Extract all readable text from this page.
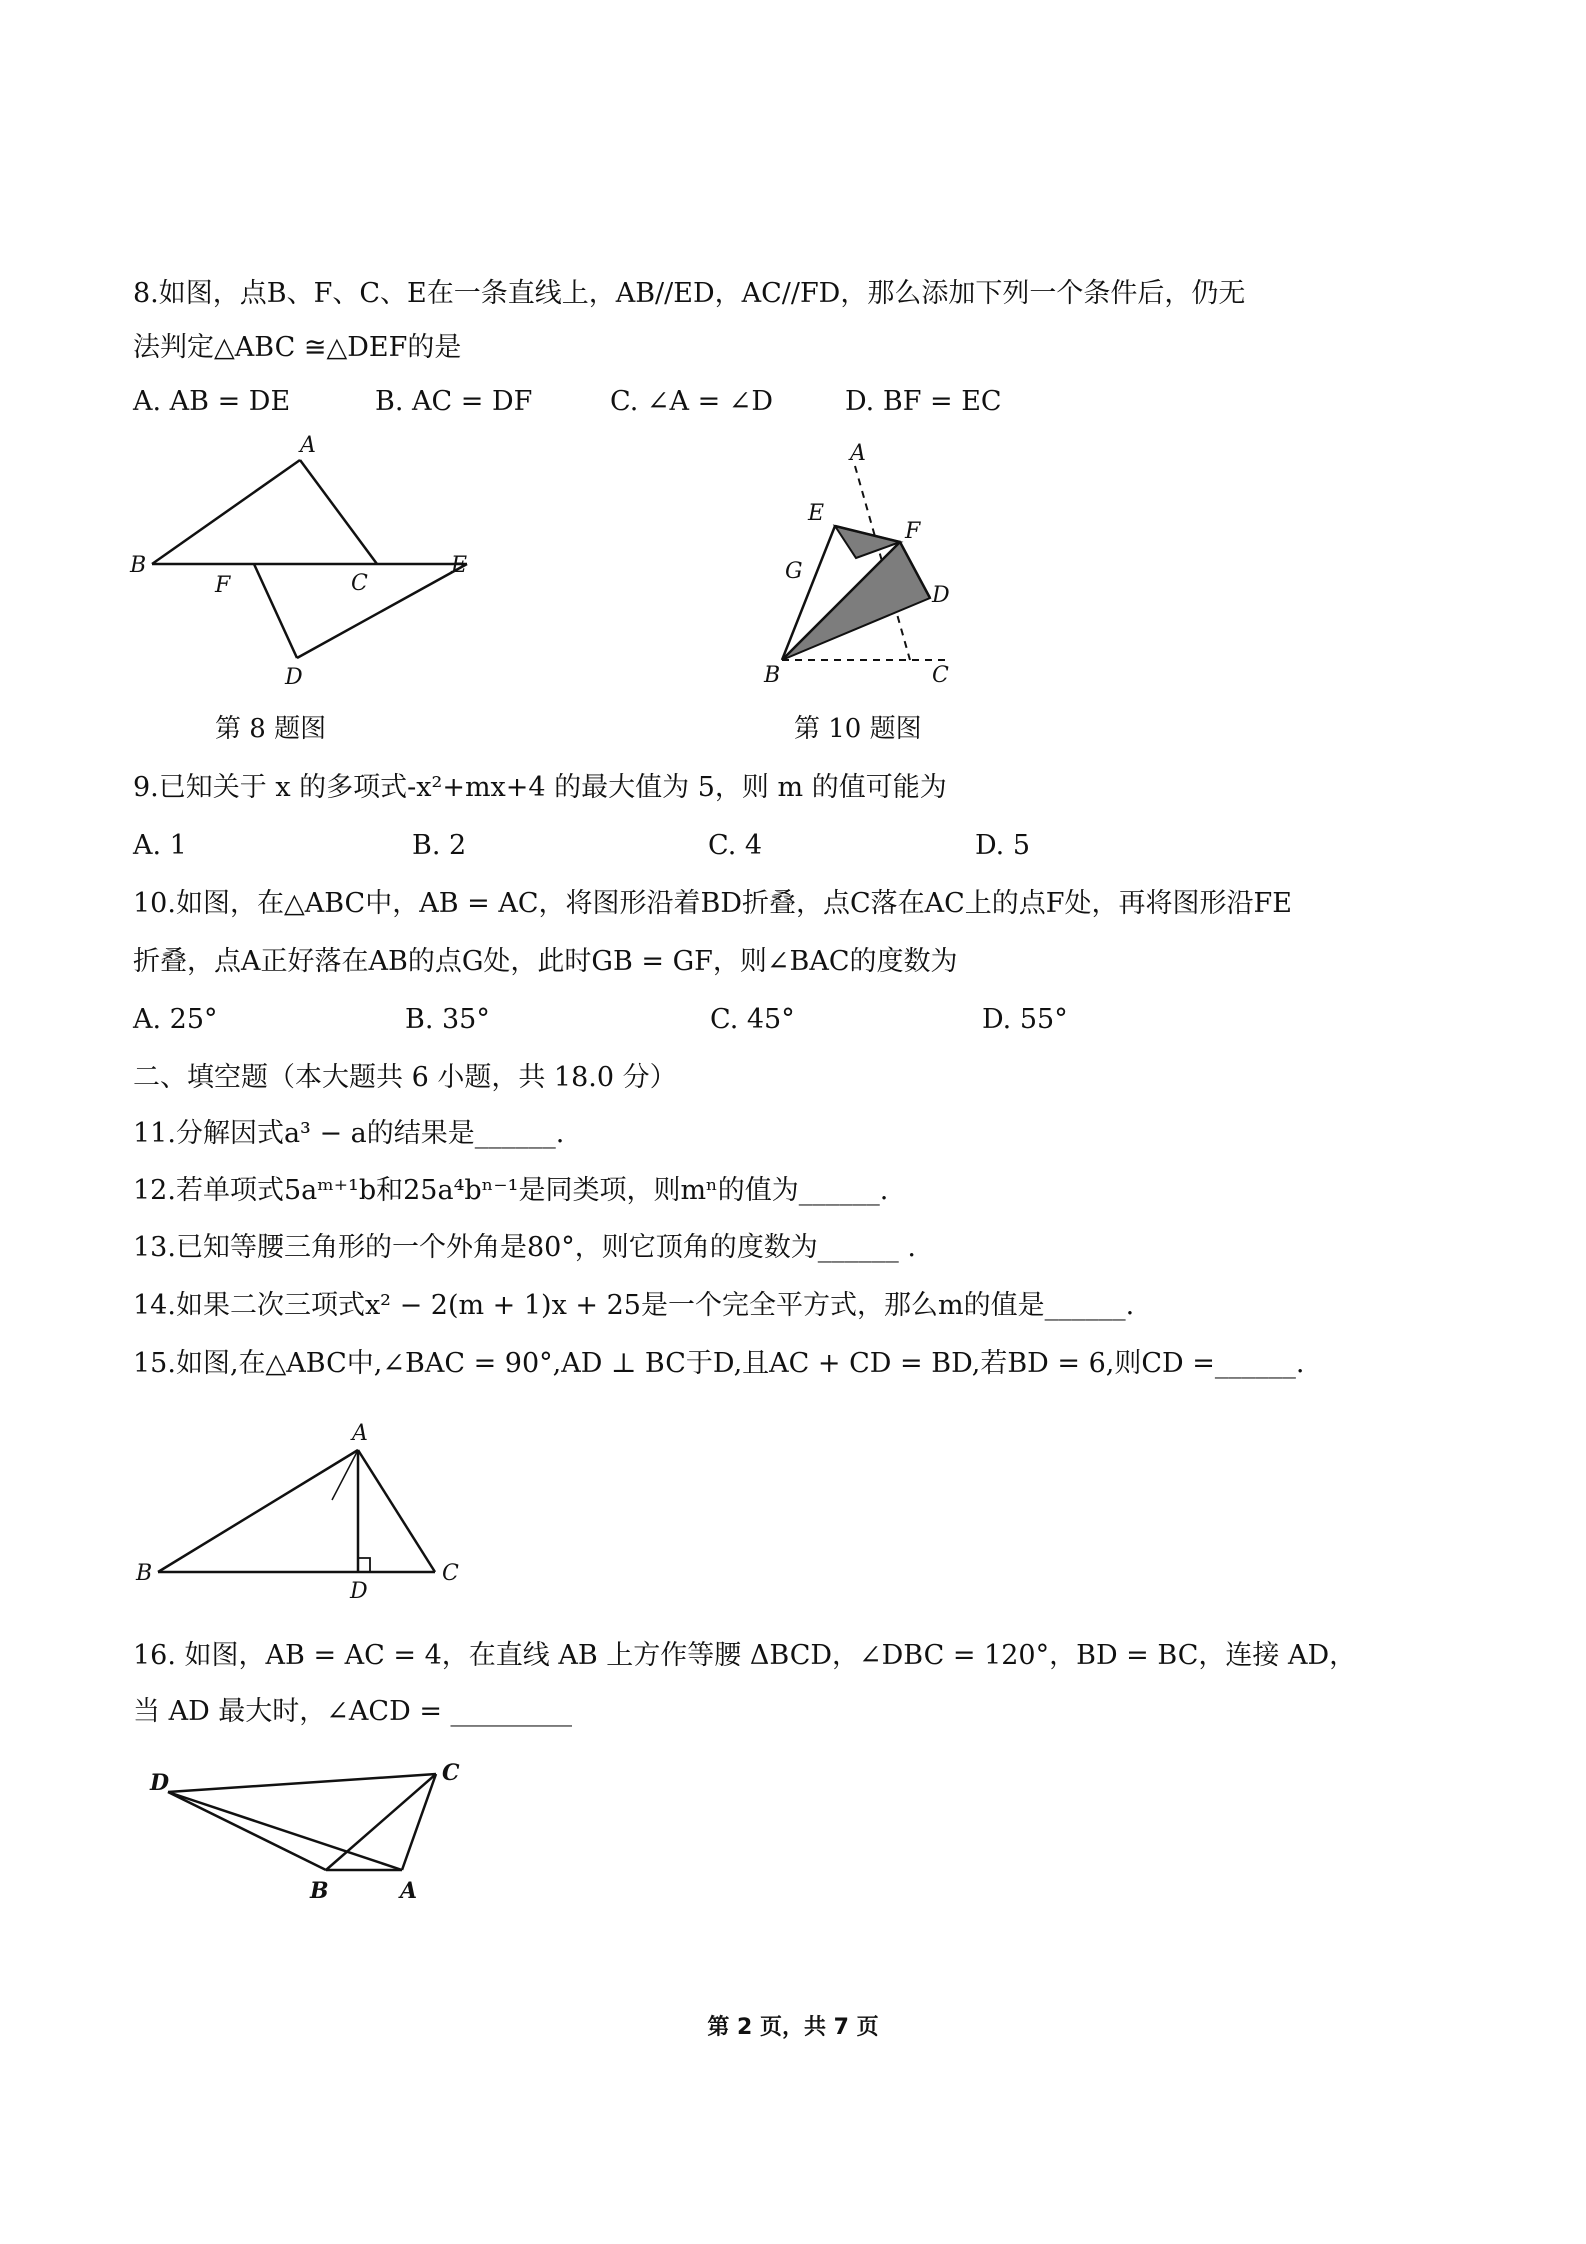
8.如图，点B、F、C、E在一条直线上，AB//ED，AC//FD，那么添加下列一个条件后，仍无
法判定△ABC ≅△DEF的是
A. AB = DE	B. AC = DF	C. ∠A = ∠D	D. BF = EC
A
B
F	C
E
D
A
E
F
G
D
B	C
第 8 题图	第 10 题图
9.已知关于 x 的多项式-x²+mx+4 的最大值为 5，则 m 的值可能为
A. 1	B. 2	C. 4	D. 5
10.如图，在△ABC中，AB = AC，将图形沿着BD折叠，点C落在AC上的点F处，再将图形沿FE
折叠，点A正好落在AB的点G处，此时GB = GF，则∠BAC的度数为
A. 25°	B. 35°	C. 45°	D. 55°
二、填空题（本大题共 6 小题，共 18.0 分）
11.分解因式a³ − a的结果是______.
12.若单项式5aᵐ⁺¹b和25a⁴bⁿ⁻¹是同类项，则mⁿ的值为______.
13.已知等腰三角形的一个外角是80°，则它顶角的度数为______ .
14.如果二次三项式x² − 2(m + 1)x + 25是一个完全平方式，那么m的值是______.
15.如图,在△ABC中,∠BAC = 90°,AD ⊥ BC于D,且AC + CD = BD,若BD = 6,则CD =______.
A
B
D
C
16. 如图，AB = AC = 4，在直线 AB 上方作等腰 ΔBCD，∠DBC = 120°，BD = BC，连接 AD，
当 AD 最大时，∠ACD = _________
D	C
B	A
第 2 页，共 7 页
